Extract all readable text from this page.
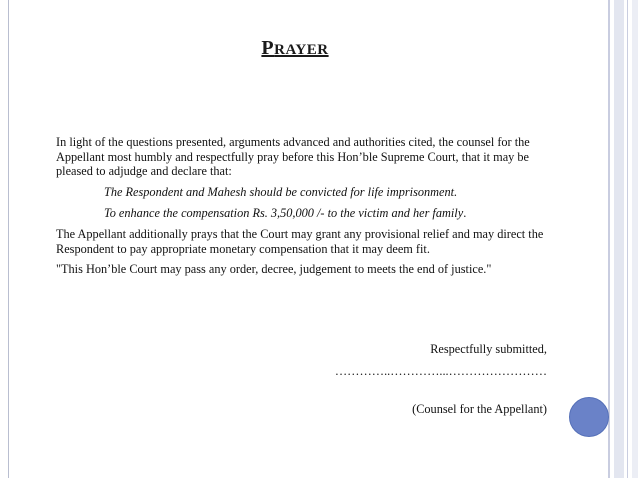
PRAYER
In light of the questions presented, arguments advanced and authorities cited, the counsel for the Appellant most humbly and respectfully pray before this Hon’ble Supreme Court, that it may be pleased to adjudge and declare that:
The Respondent and Mahesh should be convicted for life imprisonment.
To enhance the compensation Rs. 3,50,000 /- to the victim and her family.
The Appellant additionally prays that the Court may grant any provisional relief and may direct the Respondent to pay appropriate monetary compensation that it may deem fit.
"This Hon’ble Court may pass any order, decree, judgement to meets the end of justice."
Respectfully submitted,
…………..…………...……………………
(Counsel for the Appellant)
